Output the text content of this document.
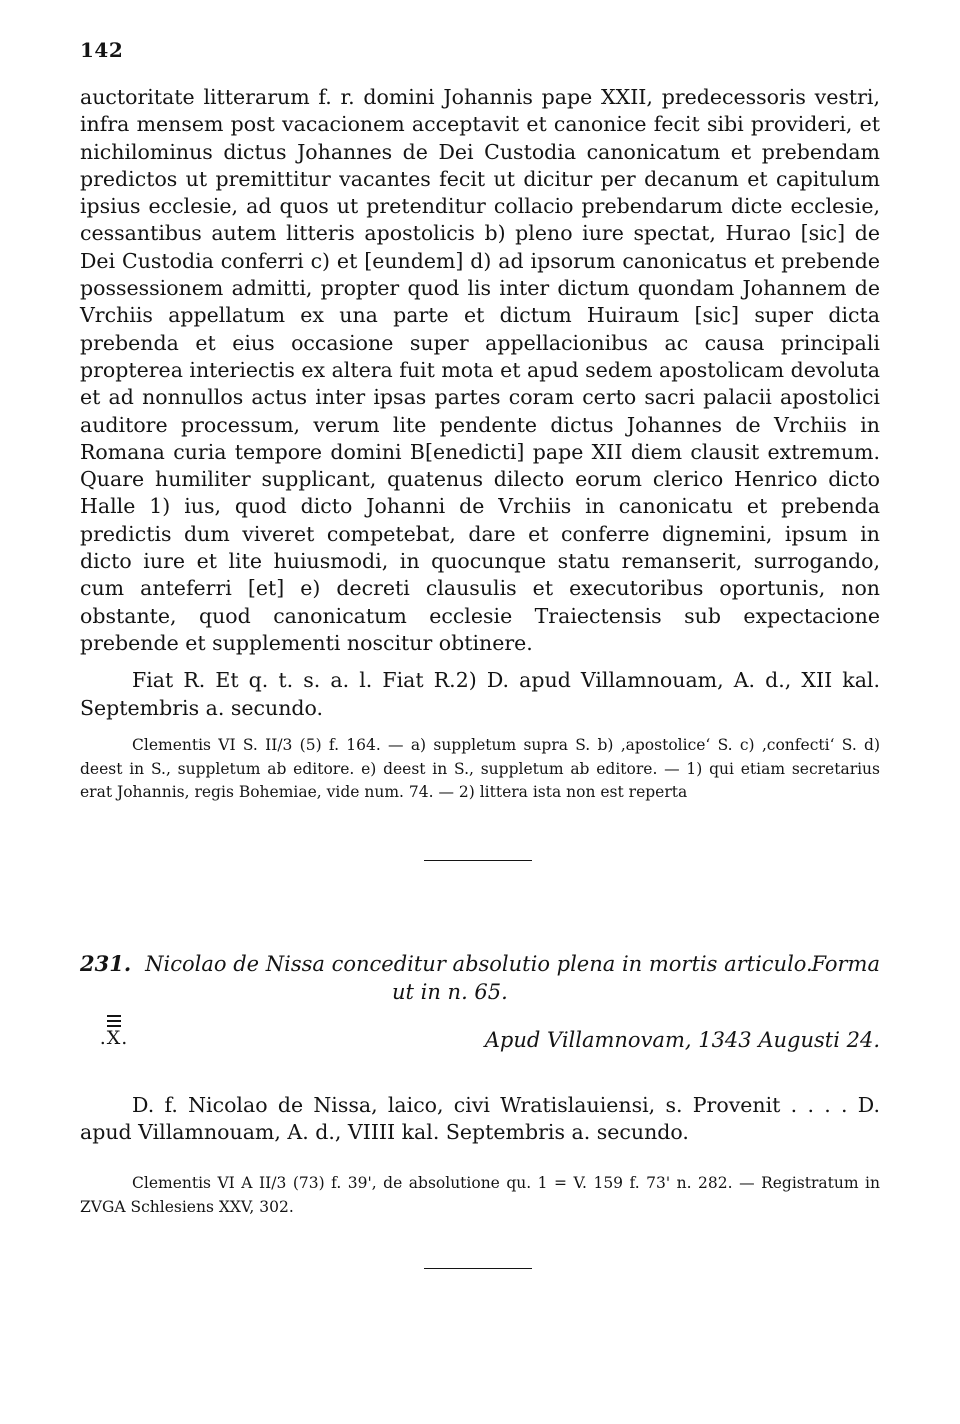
142

auctoritate litterarum f. r. domini Johannis pape XXII, predecessoris vestri, infra mensem post vacacionem acceptavit et canonice fecit sibi provideri, et nichilominus dictus Johannes de Dei Custodia canonicatum et prebendam predictos ut premittitur vacantes fecit ut dicitur per decanum et capitulum ipsius ecclesie, ad quos ut pretenditur collacio prebendarum dicte ecclesie, cessantibus autem litteris apostolicis b) pleno iure spectat, Hurao [sic] de Dei Custodia conferri c) et [eundem] d) ad ipsorum canonicatus et prebende possessionem admitti, propter quod lis inter dictum quondam Johannem de Vrchiis appellatum ex una parte et dictum Huiraum [sic] super dicta prebenda et eius occasione super appellacionibus ac causa principali propterea interiectis ex altera fuit mota et apud sedem apostolicam devoluta et ad nonnullos actus inter ipsas partes coram certo sacri palacii apostolici auditore processum, verum lite pendente dictus Johannes de Vrchiis in Romana curia tempore domini B[enedicti] pape XII diem clausit extremum. Quare humiliter supplicant, quatenus dilecto eorum clerico Henrico dicto Halle 1) ius, quod dicto Johanni de Vrchiis in canonicatu et prebenda predictis dum viveret competebat, dare et conferre dignemini, ipsum in dicto iure et lite huiusmodi, in quocunque statu remanserit, surrogando, cum anteferri [et] e) decreti clausulis et executoribus oportunis, non obstante, quod canonicatum ecclesie Traiectensis sub expectacione prebende et supplementi noscitur obtinere.

Fiat R. Et q. t. s. a. l. Fiat R.2) D. apud Villamnouam, A. d., XII kal. Septembris a. secundo.

Clementis VI S. II/3 (5) f. 164. — a) suppletum supra S. b) ‚apostolice‘ S. c) ‚confecti‘ S. d) deest in S., suppletum ab editore. e) deest in S., suppletum ab editore. — 1) qui etiam secretarius erat Johannis, regis Bohemiae, vide num. 74. — 2) littera ista non est reperta

231. Nicolao de Nissa conceditur absolutio plena in mortis articulo.
Forma
ut in n. 65.
.X.	Apud Villamnovam, 1343 Augusti 24.

D. f. Nicolao de Nissa, laico, civi Wratislauiensi, s. Provenit . . . . D. apud Villamnouam, A. d., VIIII kal. Septembris a. secundo.

Clementis VI A II/3 (73) f. 39', de absolutione qu. 1 = V. 159 f. 73' n. 282. — Registratum in ZVGA Schlesiens XXV, 302.
